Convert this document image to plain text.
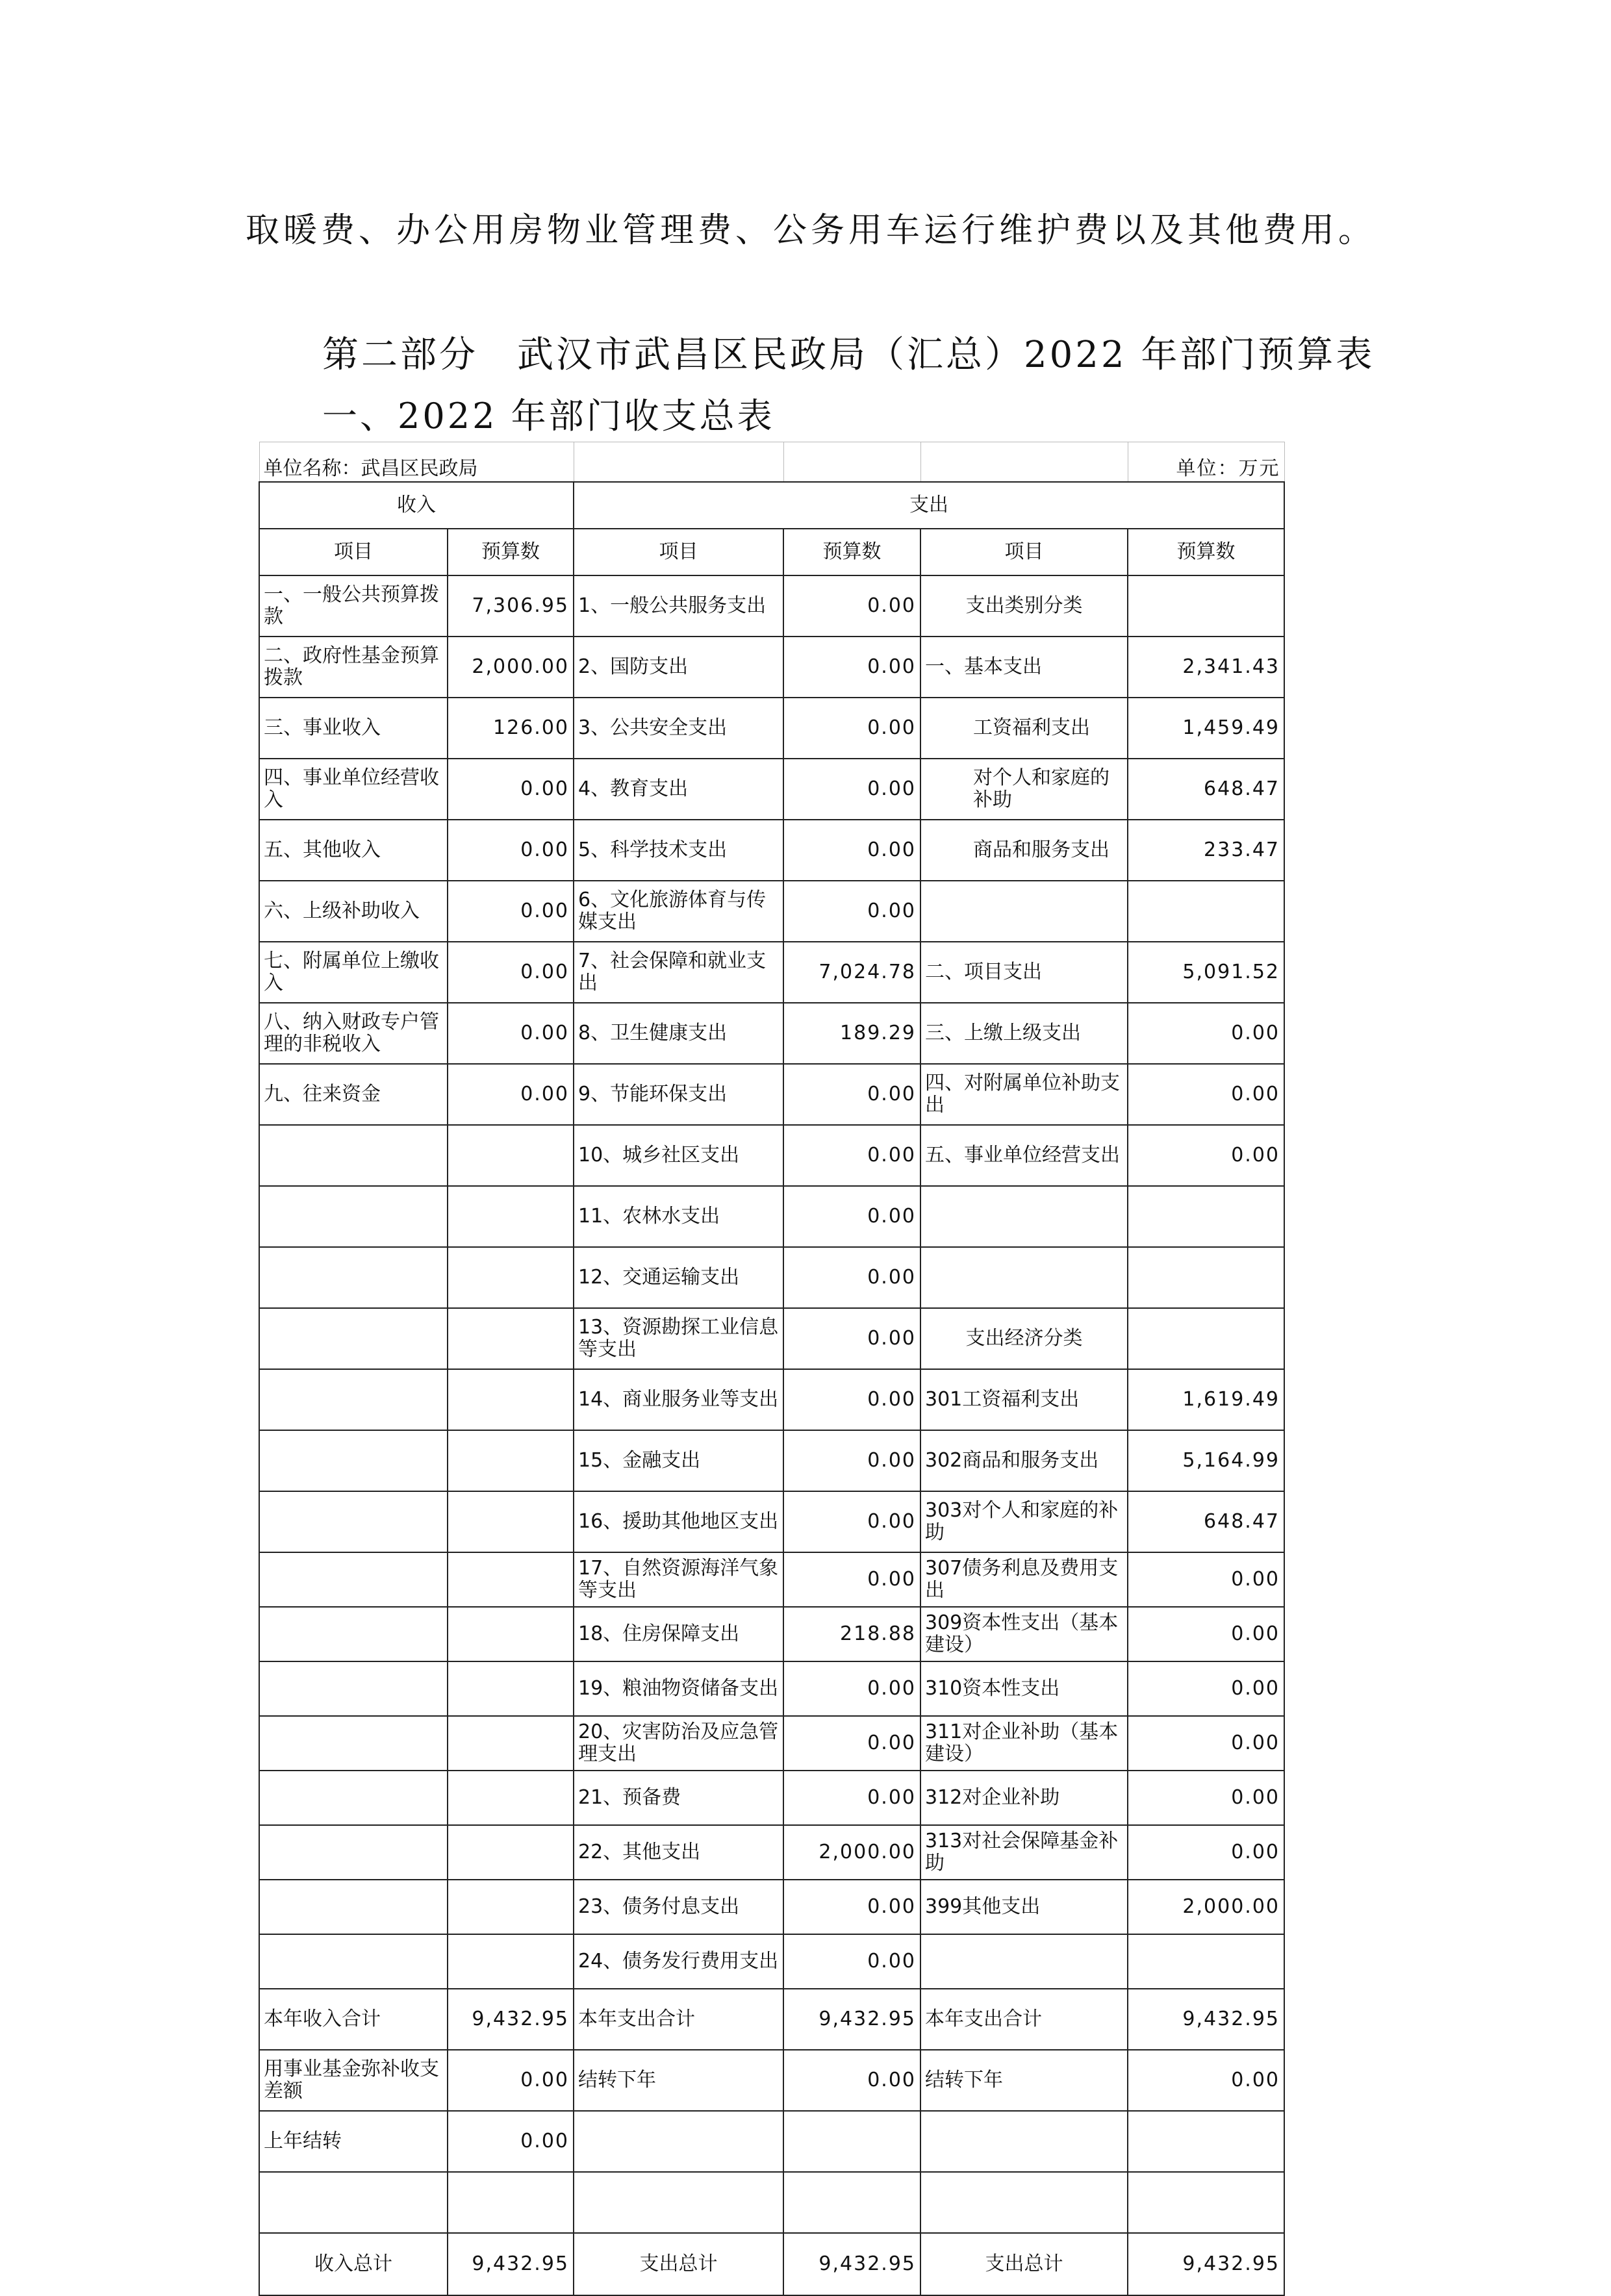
取暖费、办公用房物业管理费、公务用车运行维护费以及其他费用。
第二部分　武汉市武昌区民政局（汇总）2022 年部门预算表
一、2022 年部门收支总表
单位名称：武昌区民政局					单位：万元
收入		支出			
项目	预算数	项目	预算数	项目	预算数
一、一般公共预算拨款	7,306.95	1、一般公共服务支出	0.00	支出类别分类	
二、政府性基金预算拨款	2,000.00	2、国防支出	0.00	一、基本支出	2,341.43
三、事业收入	126.00	3、公共安全支出	0.00	工资福利支出	1,459.49
四、事业单位经营收入	0.00	4、教育支出	0.00	对个人和家庭的补助	648.47
五、其他收入	0.00	5、科学技术支出	0.00	商品和服务支出	233.47
六、上级补助收入	0.00	6、文化旅游体育与传媒支出	0.00		
七、附属单位上缴收入	0.00	7、社会保障和就业支出	7,024.78	二、项目支出	5,091.52
八、纳入财政专户管理的非税收入	0.00	8、卫生健康支出	189.29	三、上缴上级支出	0.00
九、往来资金	0.00	9、节能环保支出	0.00	四、对附属单位补助支出	0.00
		10、城乡社区支出	0.00	五、事业单位经营支出	0.00
		11、农林水支出	0.00		
		12、交通运输支出	0.00		
		13、资源勘探工业信息等支出	0.00	支出经济分类	
		14、商业服务业等支出	0.00	301工资福利支出	1,619.49
		15、金融支出	0.00	302商品和服务支出	5,164.99
		16、援助其他地区支出	0.00	303对个人和家庭的补助	648.47
		17、自然资源海洋气象等支出	0.00	307债务利息及费用支出	0.00
		18、住房保障支出	218.88	309资本性支出（基本建设）	0.00
		19、粮油物资储备支出	0.00	310资本性支出	0.00
		20、灾害防治及应急管理支出	0.00	311对企业补助（基本建设）	0.00
		21、预备费	0.00	312对企业补助	0.00
		22、其他支出	2,000.00	313对社会保障基金补助	0.00
		23、债务付息支出	0.00	399其他支出	2,000.00
		24、债务发行费用支出	0.00		
本年收入合计	9,432.95	本年支出合计	9,432.95	本年支出合计	9,432.95
用事业基金弥补收支差额	0.00	结转下年	0.00	结转下年	0.00
上年结转	0.00				

收入总计	9,432.95	支出总计	9,432.95	支出总计	9,432.95
